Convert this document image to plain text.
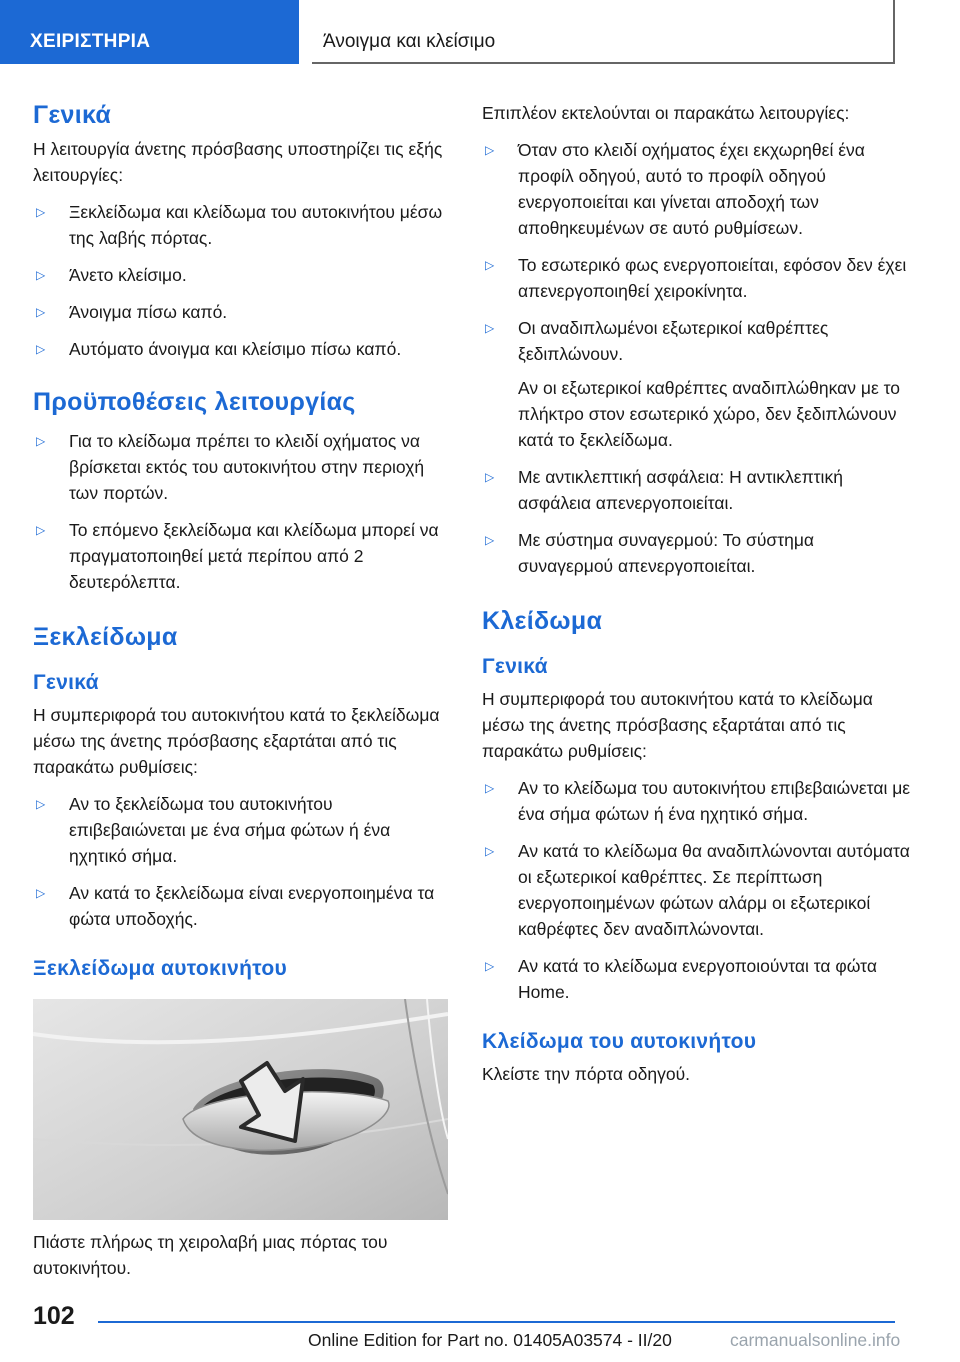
ΧΕΙΡΙΣΤΗΡΙΑ	Άνοιγμα και κλείσιμο
Γενικά

Η λειτουργία άνετης πρόσβασης υποστηρίζει τις εξής λειτουργίες:

▷ Ξεκλείδωμα και κλείδωμα του αυτοκινήτου μέσω της λαβής πόρτας.
▷ Άνετο κλείσιμο.
▷ Άνοιγμα πίσω καπό.
▷ Αυτόματο άνοιγμα και κλείσιμο πίσω καπό.
Προϋποθέσεις λειτουργίας
▷ Για το κλείδωμα πρέπει το κλειδί οχήματος να βρίσκεται εκτός του αυτοκινήτου στην περιοχή των πορτών.
▷ Το επόμενο ξεκλείδωμα και κλείδωμα μπορεί να πραγματοποιηθεί μετά περίπου από 2 δευτερόλεπτα.
Ξεκλείδωμα
Γενικά

Η συμπεριφορά του αυτοκινήτου κατά το ξεκλείδωμα μέσω της άνετης πρόσβασης εξαρτάται από τις παρακάτω ρυθμίσεις:

▷ Αν το ξεκλείδωμα του αυτοκινήτου επιβεβαιώνεται με ένα σήμα φώτων ή ένα ηχητικό σήμα.
▷ Αν κατά το ξεκλείδωμα είναι ενεργοποιημένα τα φώτα υποδοχής.
Ξεκλείδωμα αυτοκινήτου

Πιάστε πλήρως τη χειρολαβή μιας πόρτας του αυτοκινήτου.

Επιπλέον εκτελούνται οι παρακάτω λειτουργίες:

▷ Όταν στο κλειδί οχήματος έχει εκχωρηθεί ένα προφίλ οδηγού, αυτό το προφίλ οδηγού ενεργοποιείται και γίνεται αποδοχή των αποθηκευμένων σε αυτό ρυθμίσεων.
▷ Το εσωτερικό φως ενεργοποιείται, εφόσον δεν έχει απενεργοποιηθεί χειροκίνητα.
▷ Οι αναδιπλωμένοι εξωτερικοί καθρέπτες ξεδιπλώνουν.
Αν οι εξωτερικοί καθρέπτες αναδιπλώθηκαν με το πλήκτρο στον εσωτερικό χώρο, δεν ξεδιπλώνουν κατά το ξεκλείδωμα.
▷ Με αντικλεπτική ασφάλεια: Η αντικλεπτική ασφάλεια απενεργοποιείται.
▷ Με σύστημα συναγερμού: Το σύστημα συναγερμού απενεργοποιείται.
Κλείδωμα
Γενικά

Η συμπεριφορά του αυτοκινήτου κατά το κλείδωμα μέσω της άνετης πρόσβασης εξαρτάται από τις παρακάτω ρυθμίσεις:

▷ Αν το κλείδωμα του αυτοκινήτου επιβεβαιώνεται με ένα σήμα φώτων ή ένα ηχητικό σήμα.
▷ Αν κατά το κλείδωμα θα αναδιπλώνονται αυτόματα οι εξωτερικοί καθρέπτες. Σε περίπτωση ενεργοποιημένων φώτων αλάρμ οι εξωτερικοί καθρέφτες δεν αναδιπλώνονται.
▷ Αν κατά το κλείδωμα ενεργοποιούνται τα φώτα Home.
Κλείδωμα του αυτοκινήτου

Κλείστε την πόρτα οδηγού.

102
Online Edition for Part no. 01405A03574 - II/20	carmanualsonline.info
